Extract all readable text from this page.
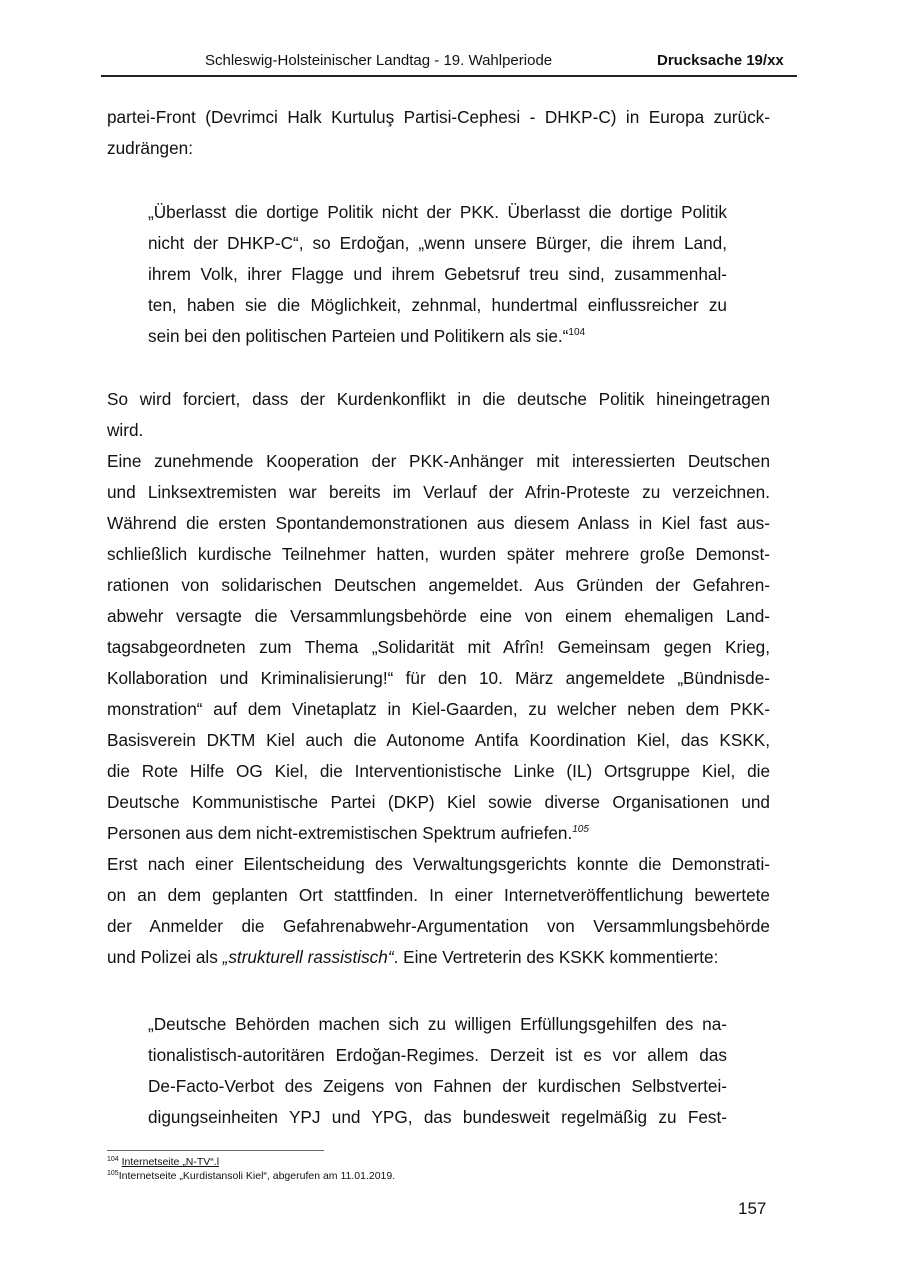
Schleswig-Holsteinischer Landtag - 19. Wahlperiode	Drucksache 19/xx
partei-Front (Devrimci Halk Kurtuluş Partisi-Cephesi - DHKP-C) in Europa zurück-
zudrängen:
„Überlasst die dortige Politik nicht der PKK. Überlasst die dortige Politik
nicht der DHKP-C“, so Erdoğan, „wenn unsere Bürger, die ihrem Land,
ihrem Volk, ihrer Flagge und ihrem Gebetsruf treu sind, zusammenhal-
ten, haben sie die Möglichkeit, zehnmal, hundertmal einflussreicher zu
sein bei den politischen Parteien und Politikern als sie.“$^{104}$
So wird forciert, dass der Kurdenkonflikt in die deutsche Politik hineingetragen
wird.
Eine zunehmende Kooperation der PKK-Anhänger mit interessierten Deutschen
und Linksextremisten war bereits im Verlauf der Afrin-Proteste zu verzeichnen.
Während die ersten Spontandemonstrationen aus diesem Anlass in Kiel fast aus-
schließlich kurdische Teilnehmer hatten, wurden später mehrere große Demonst-
rationen von solidarischen Deutschen angemeldet. Aus Gründen der Gefahren-
abwehr versagte die Versammlungsbehörde eine von einem ehemaligen Land-
tagsabgeordneten zum Thema „Solidarität mit Afrîn! Gemeinsam gegen Krieg,
Kollaboration und Kriminalisierung!“ für den 10. März angemeldete „Bündnisde-
monstration“ auf dem Vinetaplatz in Kiel-Gaarden, zu welcher neben dem PKK-
Basisverein DKTM Kiel auch die Autonome Antifa Koordination Kiel, das KSKK,
die Rote Hilfe OG Kiel, die Interventionistische Linke (IL) Ortsgruppe Kiel, die
Deutsche Kommunistische Partei (DKP) Kiel sowie diverse Organisationen und
Personen aus dem nicht-extremistischen Spektrum aufriefen.$^{105}$
Erst nach einer Eilentscheidung des Verwaltungsgerichts konnte die Demonstrati-
on an dem geplanten Ort stattfinden. In einer Internetveröffentlichung bewertete
der Anmelder die Gefahrenabwehr-Argumentation von Versammlungsbehörde
und Polizei als „strukturell rassistisch“. Eine Vertreterin des KSKK kommentierte:
„Deutsche Behörden machen sich zu willigen Erfüllungsgehilfen des na-
tionalistisch-autoritären Erdoğan-Regimes. Derzeit ist es vor allem das
De-Facto-Verbot des Zeigens von Fahnen der kurdischen Selbstvertei-
digungseinheiten YPJ und YPG, das bundesweit regelmäßig zu Fest-
$^{104}$ Internetseite „N-TV“.l
$^{105}$Internetseite „Kurdistansoli Kiel“, abgerufen am 11.01.2019.
157
